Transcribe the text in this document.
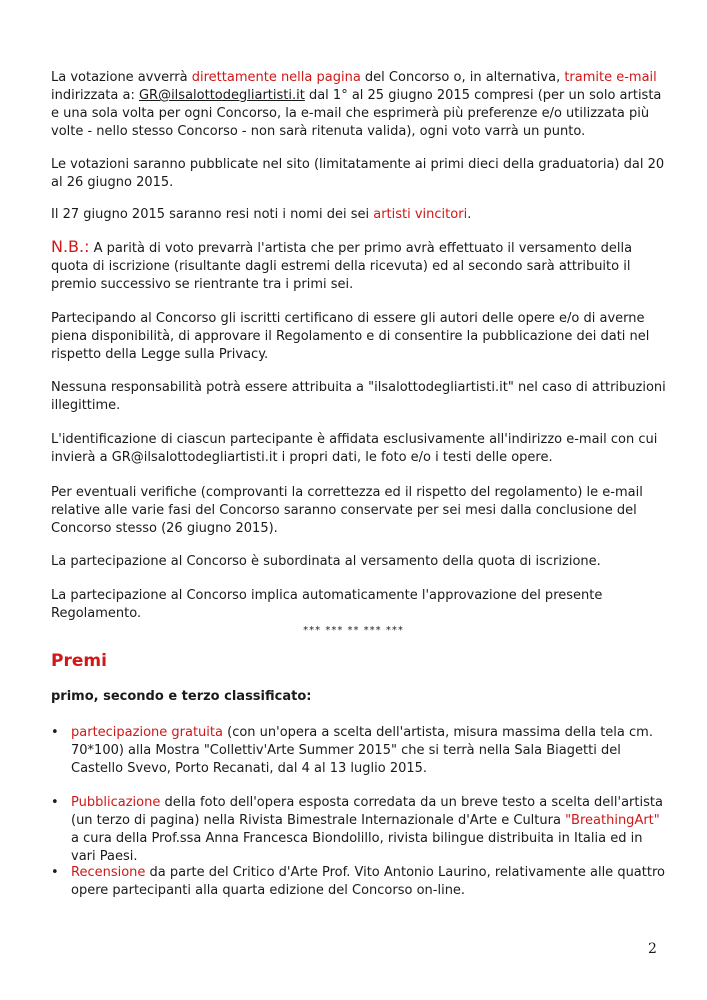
La votazione avverrà direttamente nella pagina del Concorso o, in alternativa, tramite e-mail indirizzata a: GR@ilsalottodegliartisti.it dal 1° al 25 giugno 2015 compresi (per un solo artista e una sola volta per ogni Concorso, la e-mail che esprimerà più preferenze e/o utilizzata più volte - nello stesso Concorso - non sarà ritenuta valida), ogni voto varrà un punto.

Le votazioni saranno pubblicate nel sito (limitatamente ai primi dieci della graduatoria) dal 20 al 26 giugno 2015.

Il 27 giugno 2015 saranno resi noti i nomi dei sei artisti vincitori.

N.B.: A parità di voto prevarrà l'artista che per primo avrà effettuato il versamento della quota di iscrizione (risultante dagli estremi della ricevuta) ed al secondo sarà attribuito il premio successivo se rientrante tra i primi sei.

Partecipando al Concorso gli iscritti certificano di essere gli autori delle opere e/o di averne piena disponibilità, di approvare il Regolamento e di consentire la pubblicazione dei dati nel rispetto della Legge sulla Privacy.

Nessuna responsabilità potrà essere attribuita a "ilsalottodegliartisti.it" nel caso di attribuzioni illegittime.

L'identificazione di ciascun partecipante è affidata esclusivamente all'indirizzo e-mail con cui invierà a GR@ilsalottodegliartisti.it i propri dati, le foto e/o i testi delle opere.

Per eventuali verifiche (comprovanti la correttezza ed il rispetto del regolamento) le e-mail relative alle varie fasi del Concorso saranno conservate per sei mesi dalla conclusione del Concorso stesso (26 giugno 2015).

La partecipazione al Concorso è subordinata al versamento della quota di iscrizione.

La partecipazione al Concorso implica automaticamente l'approvazione del presente Regolamento.

*** *** ** *** ***
Premi

primo, secondo e terzo classificato:

• partecipazione gratuita (con un'opera a scelta dell'artista, misura massima della tela cm. 70*100) alla Mostra "Collettiv'Arte Summer 2015" che si terrà nella Sala Biagetti del Castello Svevo, Porto Recanati, dal 4 al 13 luglio 2015.
• Pubblicazione della foto dell'opera esposta corredata da un breve testo a scelta dell'artista (un terzo di pagina) nella Rivista Bimestrale Internazionale d'Arte e Cultura "BreathingArt" a cura della Prof.ssa Anna Francesca Biondolillo, rivista bilingue distribuita in Italia ed in vari Paesi.
• Recensione da parte del Critico d'Arte Prof. Vito Antonio Laurino, relativamente alle quattro opere partecipanti alla quarta edizione del Concorso on-line.
2
